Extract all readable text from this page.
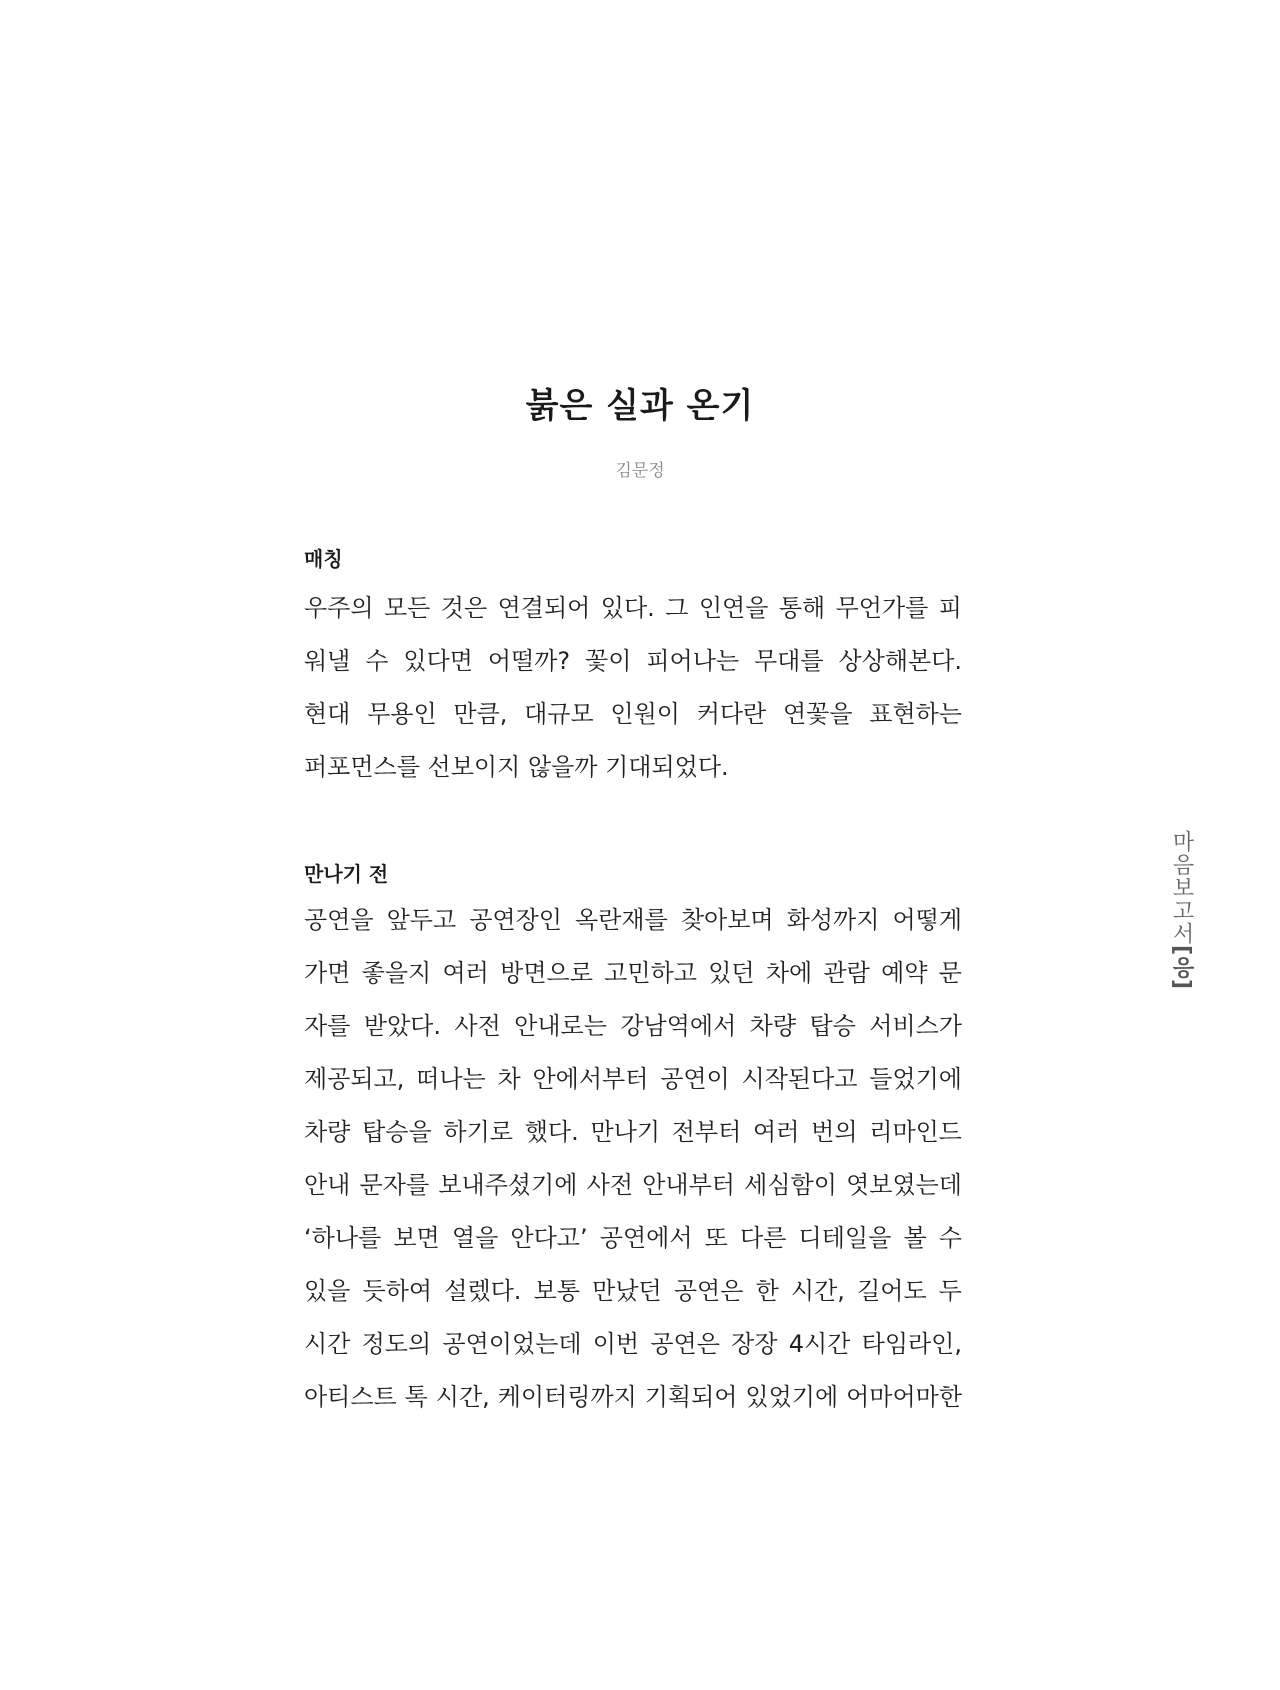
붉은 실과 온기
김문정
매칭
우주의 모든 것은 연결되어 있다. 그 인연을 통해 무언가를 피
워낼 수 있다면 어떨까? 꽃이 피어나는 무대를 상상해본다.
현대 무용인 만큼, 대규모 인원이 커다란 연꽃을 표현하는
퍼포먼스를 선보이지 않을까 기대되었다.
만나기 전
공연을 앞두고 공연장인 옥란재를 찾아보며 화성까지 어떻게
가면 좋을지 여러 방면으로 고민하고 있던 차에 관람 예약 문
자를 받았다. 사전 안내로는 강남역에서 차량 탑승 서비스가
제공되고, 떠나는 차 안에서부터 공연이 시작된다고 들었기에
차량 탑승을 하기로 했다. 만나기 전부터 여러 번의 리마인드
안내 문자를 보내주셨기에 사전 안내부터 세심함이 엿보였는데
‘하나를 보면 열을 안다고’ 공연에서 또 다른 디테일을 볼 수
있을 듯하여 설렜다. 보통 만났던 공연은 한 시간, 길어도 두
시간 정도의 공연이었는데 이번 공연은 장장 4시간 타임라인,
아티스트 톡 시간, 케이터링까지 기획되어 있었기에 어마어마한
마음보고서[응]
